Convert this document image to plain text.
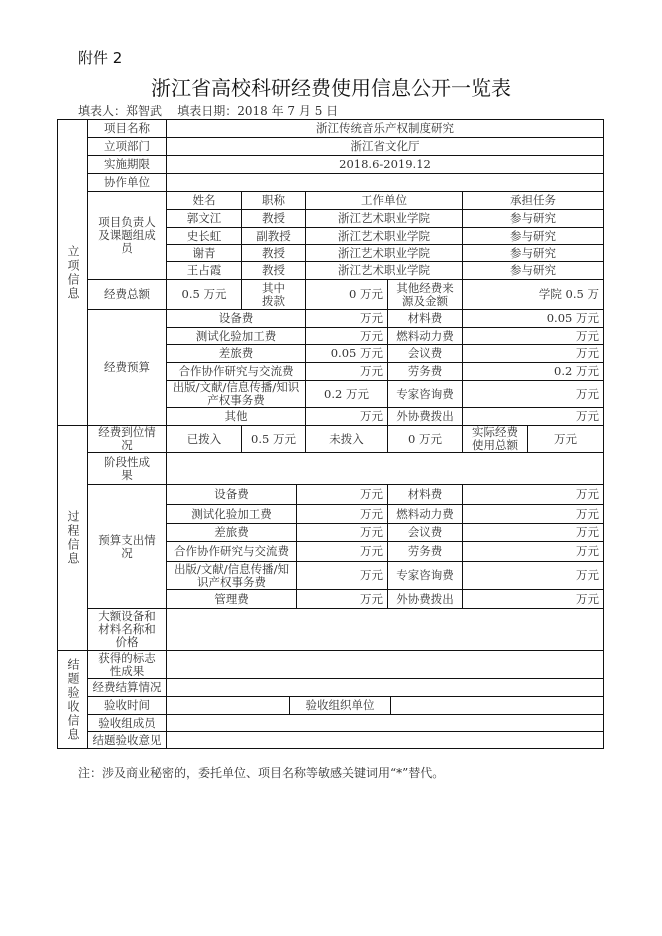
附件 2
浙江省高校科研经费使用信息公开一览表
填表人：郑智武    填表日期：2018 年 7 月 5 日
立项信息
过程信息
结题验收信息
项目名称	浙江传统音乐产权制度研究
立项部门	浙江省文化厅
实施期限	2018.6-2019.12
协作单位
项目负责人及课题组成员
姓名	职称	工作单位	承担任务
郭文江	教授	浙江艺术职业学院	参与研究
史长虹	副教授	浙江艺术职业学院	参与研究
谢青	教授	浙江艺术职业学院	参与研究
王占霞	教授	浙江艺术职业学院	参与研究
经费总额	0.5 万元	其中拨款	0 万元	其他经费来源及金额	学院 0.5 万
经费预算
设备费	万元	材料费	0.05 万元
测试化验加工费	万元	燃料动力费	万元
差旅费	0.05 万元	会议费	万元
合作协作研究与交流费	万元	劳务费	0.2 万元
出版/文献/信息传播/知识产权事务费	0.2 万元	专家咨询费	万元
其他	万元	外协费拨出	万元
经费到位情况	已拨入	0.5 万元	未拨入	0 万元	实际经费使用总额	万元
阶段性成果
预算支出情况
设备费	万元	材料费	万元
测试化验加工费	万元	燃料动力费	万元
差旅费	万元	会议费	万元
合作协作研究与交流费	万元	劳务费	万元
出版/文献/信息传播/知识产权事务费	万元	专家咨询费	万元
管理费	万元	外协费拨出	万元
大额设备和材料名称和价格
获得的标志性成果
经费结算情况
验收时间	验收组织单位
验收组成员
结题验收意见
注：涉及商业秘密的，委托单位、项目名称等敏感关键词用“*”替代。
